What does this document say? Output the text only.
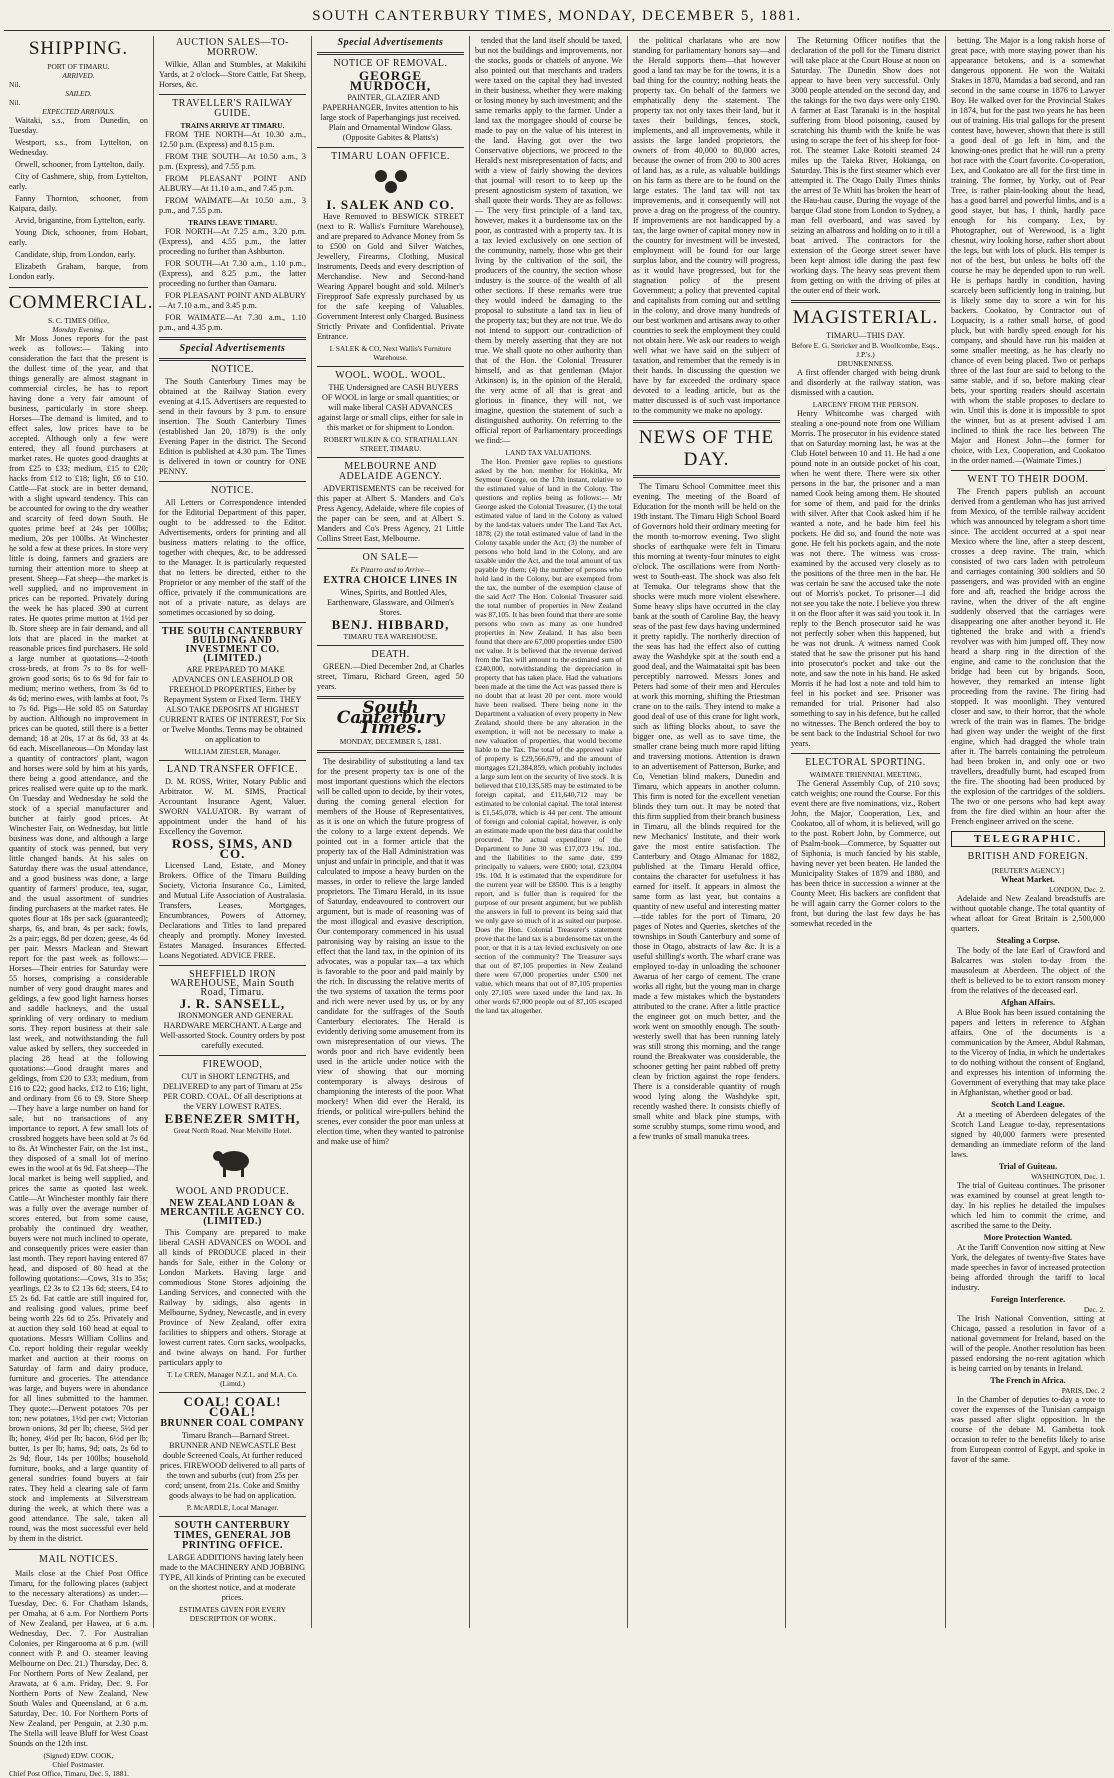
SOUTH CANTERBURY TIMES, MONDAY, DECEMBER 5, 1881.
SHIPPING.
PORT OF TIMARU.
ARRIVED.
Nil.
SAILED.
Nil.
EXPECTED ARRIVALS.

Waitaki, s.s., from Dunedin, on Tuesday.

Westport, s.s., from Lyttelton, on Wednesday.

Orwell, schooner, from Lyttelton, daily.

City of Cashmere, ship, from Lyttelton, early.

Fanny Thornton, schooner, from Kaipara, daily.

Arvid, brigantine, from Lyttelton, early.

Young Dick, schooner, from Hobart, early.

Candidate, ship, from London, early.

Elizabeth Graham, barque, from London early.

COMMERCIAL.
S. C. TIMES Office,
Monday Evening.

Mr Moss Jones reports for the past week as follows:— Taking into consideration the fact that the present is the dullest time of the year, and that things generally are almost stagnant in commercial circles, he has to report having done a very fair amount of business, particularly in store sheep. Horses—The demand is limited, and to effect sales, low prices have to be accepted. Although only a few were entered, they all found purchasers at market rates. He quotes good draughts at from £25 to £33; medium, £15 to £20; hacks from £12 to £18; light, £6 to £10. Cattle—Fat stock are in better demand, with a slight upward tendency. This can be accounted for owing to the dry weather and scarcity of feed down South. He quotes prime beef at 24s per 100lbs; medium, 20s per 100lbs. At Winchester he sold a few at these prices. In store very little is doing, farmers and graziers are turning their attention more to sheep at present. Sheep—Fat sheep—the market is well supplied, and no improvement in prices can be reported. Privately during the week he has placed 390 at current rates. He quotes prime mutton at 1½d per lb. Store sheep are in fair demand, and all lots that are placed in the market at reasonable prices find purchasers. He sold a large number at quotations—2-tooth cross-breds, at from 7s to 8s for well-grown good sorts; 6s to 6s 9d for fair to medium; merino wethers, from 3s 6d to 4s 6d; merino ewes, with lambs at foot, 7s to 7s 6d. Pigs—He sold 85 on Saturday by auction. Although no improvement in prices can be quoted, still there is a better demand; 18 at 20s, 17 at 8s 6d, 33 at 4s 6d each. Miscellaneous—On Monday last a quantity of contractors' plant, wagon and horses were sold by him at his yards, there being a good attendance, and the prices realised were quite up to the mark. On Tuesday and Wednesday he sold the stock of a special manufacturer and butcher at fairly good prices. At Winchester Fair, on Wednesday, but little business was done, and although a large quantity of stock was penned, but very little changed hands. At his sales on Saturday there was the usual attendance, and a good business was done, a large quantity of farmers' produce, tea, sugar, and the usual assortment of sundries finding purchasers at the market rates. He quotes flour at 18s per sack (guaranteed); sharps, 6s, and bran, 4s per sack; fowls, 2s a pair; eggs, 8d per dozen; geese, 4s 6d per pair. Messrs Maclean and Stewart report for the past week as follows:— Horses—Their entries for Saturday were 55 horses, comprising a considerable number of very good draught mares and geldings, a few good light harness horses and saddle hackneys, and the usual sprinkling of very ordinary to medium sorts. They report business at their sale last week, and notwithstanding the full value asked by sellers, they succeeded in placing 28 head at the following quotations:—Good draught mares and geldings, from £20 to £33; medium, from £16 to £22; good hacks, £12 to £16; light, and ordinary from £6 to £9. Store Sheep—They have a large number on hand for sale, but no transactions of any importance to report. A few small lots of crossbred hoggets have been sold at 7s 6d to 8s. At Winchester Fair, on the 1st inst., they disposed of a small lot of merino ewes in the wool at 6s 9d. Fat sheep—The local market is being well supplied, and prices the same as quoted last week. Cattle—At Winchester monthly fair there was a fully over the average number of scores entered, but from some cause, probably the continued dry weather, buyers were not much inclined to operate, and consequently prices were easier than last month. They report having entered 87 head, and disposed of 80 head at the following quotations:—Cows, 31s to 35s; yearlings, £2 3s to £2 13s 6d; steers, £4 to £5 2s 6d. Fat cattle are still inquired for, and realising good values, prime beef being worth 22s 6d to 25s. Privately and at auction they sold 160 head at equal to quotations. Messrs William Collins and Co. report holding their regular weekly market and auction at their rooms on Saturday of farm and dairy produce, furniture and groceries. The attendance was large, and buyers were in abundance for all lines submitted to the hammer. They quote:—Derwent potatoes 70s per ton; new potatoes, 1½d per cwt; Victorian brown onions, 3d per lb; cheese, 5½d per lb; honey, 4½d per lb; bacon, 6½d per lb; butter, 1s per lb; hams, 9d; oats, 2s 6d to 2s 9d; flour, 14s per 100lbs; household furniture, books, and a large quantity of general sundries found buyers at fair rates. They held a clearing sale of farm stock and implements at Silverstream during the week, at which there was a good attendance. The sale, taken all round, was the most successful ever held by them in the district.

MAIL NOTICES.

Mails close at the Chief Post Office Timaru, for the following places (subject to the necessary alterations) as under:— Tuesday, Dec. 6. For Chatham Islands, per Omaha, at 6 a.m. For Northern Ports of New Zealand, per Hawea, at 6 a.m. Wednesday, Dec. 7. For Australian Colonies, per Ringarooma at 6 p.m. (will connect with P. and O. steamer leaving Melbourne on Dec. 21.) Thursday, Dec. 8. For Northern Ports of New Zealand, per Arawata, at 6 a.m. Friday, Dec. 9. For Northern Ports of New Zealand, New South Wales and Queensland, at 6 a.m. Saturday, Dec. 10. For Northern Ports of New Zealand, per Penguin, at 2.30 p.m. The Stella will leave Bluff for West Coast Sounds on the 12th inst.

(Signed) EDW. COOK,
Chief Postmaster.
Chief Post Office, Timaru, Dec. 5, 1881.
AUCTION SALES—TO-MORROW.

Wilkie, Allan and Stumbles, at Makikihi Yards, at 2 o'clock—Store Cattle, Fat Sheep, Horses, &c.

TRAVELLER'S RAILWAY GUIDE.
TRAINS ARRIVE AT TIMARU.

FROM THE NORTH—At 10.30 a.m., 12.50 p.m. (Express) and 8.15 p.m.

FROM THE SOUTH—At 10.50 a.m., 3 p.m. (Express), and 7.55 p.m.

FROM PLEASANT POINT AND ALBURY—At 11.10 a.m., and 7.45 p.m.

FROM WAIMATE—At 10.50 a.m., 3 p.m., and 7.55 p.m.

TRAINS LEAVE TIMARU.

FOR NORTH—At 7.25 a.m., 3.20 p.m. (Express), and 4.55 p.m., the latter proceeding no further than Ashburton.

FOR SOUTH—At 7.30 a.m., 1.10 p.m., (Express), and 8.25 p.m., the latter proceeding no further than Oamaru.

FOR PLEASANT POINT AND ALBURY—At 7.10 a.m., and 3.45 p.m.

FOR WAIMATE—At 7.30 a.m., 1.10 p.m., and 4.35 p.m.

Special Advertisements
NOTICE.

The South Canterbury Times may be obtained at the Railway Station every evening at 4.15. Advertisers are requested to send in their favours by 3 p.m. to ensure insertion. The South Canterbury Times (established Jan 20, 1879) is the only Evening Paper in the district. The Second Edition is published at 4.30 p.m. The Times is delivered in town or country for ONE PENNY.

NOTICE.

All Letters or Correspondence intended for the Editorial Department of this paper, ought to be addressed to the Editor. Advertisements, orders for printing and all business matters relating to the office, together with cheques, &c, to be addressed to the Manager. It is particularly requested that no letters be directed, either to the Proprietor or any member of the staff of the office, privately if the communications are not of a private nature, as delays are sometimes occasioned by so doing.

THE SOUTH CANTERBURY BUILDING AND INVESTMENT CO. (LIMITED.)

ARE PREPARED TO MAKE ADVANCES ON LEASEHOLD OR FREEHOLD PROPERTIES, Either by Repayment System or Fixed Term. THEY ALSO TAKE DEPOSITS AT HIGHEST CURRENT RATES OF INTEREST, For Six or Twelve Months. Terms may be obtained on application to

WILLIAM ZIESLER, Manager.
LAND TRANSFER OFFICE.

D. M. ROSS, Writer, Notary Public and Arbitrator. W. M. SIMS, Practical Accountant Insurance Agent, Valuer. SWORN VALUATOR. By warrant of appointment under the hand of his Excellency the Governor.

ROSS, SIMS, AND CO.

Licensed Land, Estate, and Money Brokers. Office of the Timaru Building Society, Victoria Insurance Co., Limited, and Mutual Life Association of Australasia. Transfers, Leases, Mortgages, Encumbrances, Powers of Attorney, Declarations and Titles to land prepared cheaply and promptly. Money Invested. Estates Managed. Insurances Effected. Loans Negotiated. ADVICE FREE.

SHEFFIELD IRON WAREHOUSE, Main South Road, Timaru.
J. R. SANSELL,

IRONMONGER AND GENERAL HARDWARE MERCHANT. A Large and Well-assorted Stock. Country orders by post carefully executed.

FIREWOOD,

CUT in SHORT LENGTHS, and DELIVERED to any part of Timaru at 25s PER CORD. COAL. Of all descriptions at the VERY LOWEST RATES.

EBENEZER SMITH,
Great North Road. Near Melville Hotel.
WOOL AND PRODUCE.
NEW ZEALAND LOAN & MERCANTILE AGENCY CO. (LIMITED.)

This Company are prepared to make liberal CASH ADVANCES on WOOL and all kinds of PRODUCE placed in their hands for Sale, either in the Colony or London Markets. Having large and commodious Stone Stores adjoining the Landing Services, and connected with the Railway by sidings, also agents in Melbourne, Sydney, Newcastle, and in every Province of New Zealand, offer extra facilities to shippers and others. Storage at lowest current rates. Corn sacks, woolpacks, and twine always on hand. For further particulars apply to

T. Le CREN, Manager N.Z.L. and M.A. Co. (Limtd.)
COAL! COAL! COAL!
BRUNNER COAL COMPANY

Timaru Branch—Barnard Street. BRUNNER AND NEWCASTLE Best double Screened Coals, At further reduced prices. FIREWOOD delivered to all parts of the town and suburbs (cut) from 25s per cord; unsent, from 21s. Coke and Smithy goods always to be had on application.

P. McARDLE, Local Manager.
SOUTH CANTERBURY TIMES, GENERAL JOB PRINTING OFFICE.

LARGE ADDITIONS having lately been made to the MACHINERY AND JOBBING TYPE, All kinds of Printing can be executed on the shortest notice, and at moderate prices.

ESTIMATES GIVEN FOR EVERY DESCRIPTION OF WORK.
Special Advertisements
NOTICE OF REMOVAL.
GEORGE MURDOCH,

PAINTER, GLAZIER AND PAPERHANGER, Invites attention to his large stock of Paperhangings just received. Plain and Ornamental Window Glass. (Opposite Gabites & Platts's)

TIMARU LOAN OFFICE.
I. SALEK AND CO.

Have Removed to BESWICK STREET (next to R. Wallis's Furniture Warehouse), and are prepared to Advance Money from 5s to £500 on Gold and Silver Watches, Jewellery, Firearms, Clothing, Musical Instruments, Deeds and every description of Merchandise. New and Second-hand Wearing Apparel bought and sold. Milner's Firepproof Safe expressly purchased by us for the safe keeping of Valuables. Government Interest only Charged. Business Strictly Private and Confidential. Private Entrance.

I. SALEK & CO, Next Wallis's Furniture Warehouse.
WOOL. WOOL. WOOL.

THE Undersigned are CASH BUYERS OF WOOL in large or small quantities; or will make liberal CASH ADVANCES against large or small clips, either for sale in this market or for shipment to London.

ROBERT WILKIN & CO. STRATHALLAN STREET, TIMARU.
MELBOURNE AND ADELAIDE AGENCY.

ADVERTISEMENTS can be received for this paper at Albert S. Manders and Co's Press Agency, Adelaide, where file copies of the paper can be seen, and at Albert S. Manders and Co's Press Agency, 21 Little Collins Street East, Melbourne.

ON SALE—
Ex Pizarro and to Arrive—
EXTRA CHOICE LINES IN

Wines, Spirits, and Bottled Ales, Earthenware, Glassware, and Oilmen's Stores.

BENJ. HIBBARD,
TIMARU TEA WAREHOUSE.
DEATH.

GREEN.—Died December 2nd, at Charles street, Timaru, Richard Green, aged 50 years.

South Canterbury Times.
MONDAY, DECEMBER 5, 1881.

The desirability of substituting a land tax for the present property tax is one of the most important questions which the electors will be called upon to decide, by their votes, during the coming general election for members of the House of Representatives, as it is one on which the future progress of the colony to a large extent depends. We pointed out in a former article that the property tax of the Hall Administration was unjust and unfair in principle, and that it was calculated to impose a heavy burden on the masses, in order to relieve the large landed proprietors. The Timaru Herald, in its issue of Saturday, endeavoured to controvert our argument, but is made of reasoning was of the most illogical and evasive description. Our contemporary commenced in his usual patronising way by raising an issue to the effect that the land tax, in the opinion of its advocates, was a popular tax—a tax which is favorable to the poor and paid mainly by the rich. In discussing the relative merits of the two systems of taxation the terms poor and rich were never used by us, or by any candidate for the suffrages of the South Canterbury electorates. The Herald is evidently deriving some amusement from its own misrepresentation of our views. The words poor and rich have evidently been used in the article under notice with the view of showing that our morning contemporary is always desirous of championing the interests of the poor. What mockery! When did ever the Herald, its friends, or political wire-pullers behind the scenes, ever consider the poor man unless at election time, when they wanted to patronise and make use of him?

tended that the land itself should be taxed, but not the buildings and improvements, nor the stocks, goods or chattels of anyone. We also pointed out that merchants and traders were taxed on the capital they had invested in their business, whether they were making or losing money by such investment; and the same remarks apply to the farmer. Under a land tax the mortgagee should of course be made to pay on the value of his interest in the land. Having got over the two Conservative objections, we proceed to the Herald's next misrepresentation of facts; and with a view of fairly showing the devices that journal will resort to to keep up the present agnosticism system of taxation, we shall quote their words. They are as follows:— The very first principle of a land tax, however, makes it a burdensome tax on the poor, as contrasted with a property tax. It is a tax levied exclusively on one section of the community, namely, those who get their living by the cultivation of the soil, the producers of the country, the section whose industry is the source of the wealth of all other sections. If these remarks were true they would indeed be damaging to the proposal to substitute a land tax in lieu of the property tax; but they are not true. We do not intend to support our contradiction of them by merely asserting that they are not true. We shall quote no other authority than that of the Hon. the Colonial Treasurer himself, and as that gentleman (Major Atkinson) is, in the opinion of the Herald, the very acme of all that is great and glorious in finance, they will not, we imagine, question the statement of such a distinguished authority. On referring to the official report of Parliamentary proceedings we find:—

LAND TAX VALUATIONS.

The Hon. Premier gave replies to questions asked by the hon. member for Hokitika, Mr Seymour George, on the 17th instant, relative to the estimated value of land in the Colony. The questions and replies being as follows:— Mr George asked the Colonial Treasurer, (1) the total estimated value of land in the Colony as valued by the land-tax valuers under The Land Tax Act, 1878; (2) the total estimated value of land in the Colony taxable under the Act; (3) the number of persons who hold land in the Colony, and are taxable under the Act, and the total amount of tax payable by them; (4) the number of persons who hold land in the Colony, but are exempted from the tax, the number of the exemption clause of the said Act? The Hon. Colonial Treasurer said the total number of properties in New Zealand was 87,105. It has been found that there are some persons who own as many as one hundred properties in New Zealand. It has also been found that there are 67,000 properties under £500 net value. It is believed that the revenue derived from the Tax will amount to the estimated sum of £240,000, notwithstanding the depreciation in property that has taken place. Had the valuations been made at the time the Act was passed there is no doubt that at least 20 per cent. more would have been realised. There being none in the Department a valuation of every property in New Zealand, should there be any alteration in the exemption, it will not be necessary to make a new valuation of properties, that would become liable to the Tax. The total of the approved value of property is £29,566,679, and the amount of mortgages £21,384,859, which probably includes a large sum lent on the security of live stock. It is believed that £10,135,585 may be estimated to be foreign capital, and £11,640,712 may be estimated to be colonial capital. The total interest is £1,545,078, which is 44 per cent. The amount of foreign and colonial capital, however, is only an estimate made upon the best data that could be procured. The actual expenditure of the Department to June 30 was £17,073 19s. 10d., and the liabilities to the same date, £99 principally to valuers, were £600; total, £23,004 19s. 10d. It is estimated that the expenditure for the current year will be £8500. This is a lengthy report, and is fuller than is required for the purpose of our present argument, but we publish the answers in full to prevent its being said that we only gave so much of it as suited our purpose. Does the Hon. Colonial Treasurer's statement prove that the land tax is a burdensome tax on the poor, or that it is a tax levied exclusively on one section of the community? The Treasurer says that out of 87,105 properties in New Zealand there were 67,000 properties under £500 net value, which means that out of 87,105 properties only 27,105 were taxed under the land tax. In other words 67,000 people out of 87,105 escaped the land tax altogether.

the political charlatans who are now standing for parliamentary honors say—and the Herald supports them—that however good a land tax may be for the towns, it is a bad thing for the country; nothing beats the property tax. On behalf of the farmers we emphatically deny the statement. The property tax not only taxes their land, but it taxes their buildings, fences, stock, implements, and all improvements, while it assists the large landed proprietors, the owners of from 40,000 to 80,000 acres, because the owner of from 200 to 300 acres of land has, as a rule, as valuable buildings on his farm as there are to be found on the large estates. The land tax will not tax improvements, and it consequently will not prove a drag on the progress of the country. If improvements are not handicapped by a tax, the large owner of capital money now in the country for investment will be invested, employment will be found for our large surplus labor, and the country will progress, as it would have progressed, but for the stagnation policy of the present Government; a policy that prevented capital and capitalists from coming out and settling in the colony, and drove many hundreds of our best workmen and artisans away to other countries to seek the employment they could not obtain here. We ask our readers to weigh well what we have said on the subject of taxation, and remember that the remedy is in their hands. In discussing the question we have by far exceeded the ordinary space devoted to a leading article, but as the matter discussed is of such vast importance to the community we make no apology.

NEWS OF THE DAY.

The Timaru School Committee meet this evening. The meeting of the Board of Education for the month will be held on the 19th instant. The Timaru High School Board of Governors hold their ordinary meeting for the month to-morrow evening. Two slight shocks of earthquake were felt in Timaru this morning at twenty-four minutes to eight o'clock. The oscillations were from North-west to South-east. The shock was also felt at Temuka. Our telegrams show that the shocks were much more violent elsewhere. Some heavy slips have occurred in the clay bank at the south of Caroline Bay, the heavy seas of the past few days having undermined it pretty rapidly. The northerly direction of the seas has had the effect also of cutting away the Washdyke spit at the south end a good deal, and the Waimataitai spit has been perceptibly narrowed. Messrs Jones and Peters had some of their men and Hercules at work this morning, shifting the Priestman crane on to the rails. They intend to make a good deal of use of this crane for light work, such as lifting blocks about, to save the bigger one, as well as to save time, the smaller crane being much more rapid lifting and traversing motions. Attention is drawn to an advertisement of Patterson, Burke, and Co, Venetian blind makers, Dunedin and Timaru, which appears in another column. This firm is noted for the excellent venetian blinds they turn out. It may be noted that this firm supplied from their branch business in Timaru, all the blinds required for the new Mechanics' Institute, and their work gave the most entire satisfaction. The Canterbury and Otago Almanac for 1882, published at the Timaru Herald office, contains the character for usefulness it has earned for itself. It appears in almost the same form as last year, but contains a quantity of new useful and interesting matter—tide tables for the port of Timaru, 20 pages of Notes and Queries, sketches of the townships in South Canterbury and some of those in Otago, abstracts of law &c. It is a useful shilling's worth. The wharf crane was employed to-day in unloading the schooner Awarua of her cargo of cement. The crane works all right, but the young man in charge made a few mistakes which the bystanders attributed to the crane. After a little practice the engineer got on much better, and the work went on smoothly enough. The south-westerly swell that has been running lately was still strong this morning, and the range round the Breakwater was considerable, the schooner getting her paint rubbed off pretty clean by friction against the rope fenders. There is a considerable quantity of rough wood lying along the Washdyke spit, recently washed there. It consists chiefly of small white and black pine stumps, with some scrubby stumps, some rimu wood, and a few trunks of small manuka trees.

The Returning Officer notifies that the declaration of the poll for the Timaru district will take place at the Court House at noon on Saturday. The Dunedin Show does not appear to have been very successful. Only 3000 people attended on the second day, and the takings for the two days were only £190. A farmer at East Taranaki is in the hospital suffering from blood poisoning, caused by scratching his thumb with the knife he was using to scrape the feet of his sheep for foot-rot. The steamer Lake Rotoiti steamed 24 miles up the Taieka River, Hokianga, on Saturday. This is the first steamer which ever attempted it. The Otago Daily Times thinks the arrest of Te Whiti has broken the heart of the Hau-hau cause. During the voyage of the barque Glad stone from London to Sydney, a man fell overboard, and was saved by seizing an albatross and holding on to it till a boat arrived. The contractors for the extension of the George street sewer have been kept almost idle during the past few working days. The heavy seas prevent them from getting on with the driving of piles at the outer end of their work.

MAGISTERIAL.
TIMARU—THIS DAY.
Before E. G. Stericker and B. Woollcombe, Esqs., J.P.'s.)
DRUNKENNESS.

A first offender charged with being drunk and disorderly at the railway station, was dismissed with a caution.

LARCENY FROM THE PERSON.

Henry Whitcombe was charged with stealing a one-pound note from one William Morris. The prosecutor in his evidence stated that on Saturday morning last, he was at the Club Hotel between 10 and 11. He had a one pound note in an outside pocket of his coat, when he went there. There were six other persons in the bar, the prisoner and a man named Cook being among them. He shouted for some of them, and paid for the drinks with silver. After that Cook asked him if he wanted a note, and he bade him feel his pockets. He did so, and found the note was gone. He felt his pockets again, and the note was not there. The witness was cross-examined by the accused very closely as to the positions of the three men in the bar. He was certain he saw the accused take the note out of Morris's pocket. To prisoner—I did not see you take the note. I believe you threw it on the floor after it was said you took it. In reply to the Bench prosecutor said he was not perfectly sober when this happened, but he was not drunk. A witness named Cook stated that he saw the prisoner put his hand into prosecutor's pocket and take out the note, and saw the note in his hand. He asked Morris if he had lost a note and told him to feel in his pocket and see. Prisoner was remanded for trial. Prisoner had also something to say in his defence, but he called no witnesses. The Bench ordered the boy to be sent back to the Industrial School for two years.

ELECTORAL SPORTING.
WAIMATE TRIENNIAL MEETING.

The General Assembly Cup, of 210 sovs; catch weights; one round the Course. For this event there are five nominations, viz., Robert John, the Major, Cooperation, Lex, and Cookatoo, all of whom, it is believed, will go to the post. Robert John, by Commerce, out of Psalm-book—Commerce, by Squatter out of Siphonia, is much fancied by his stable, having never yet been beaten. He landed the Municipality Stakes of 1879 and 1880, and has been thrice in succession a winner at the County Meet. His backers are confident that he will again carry the Gorner colors to the front, but during the last few days he has somewhat receded in the

betting. The Major is a long rakish horse of great pace, with more staying power than his appearance betokens, and is a somewhat dangerous opponent. He won the Waitaki Stakes in 1870, Mamdas a bad second, and ran second in the same course in 1876 to Lawyer Boy. He walked over for the Provincial Stakes in 1874, but for the past two years he has been out of training. His trial gallops for the present contest have, however, shown that there is still a good deal of go left in him, and the knowing-ones predict that he will run a pretty hot race with the Court favorite. Co-operation, Lex, and Cookatoo are all for the first time in training. The former, by Yorky, out of Pear Tree, is rather plain-looking about the head, has a good barrel and powerful limbs, and is a good stayer, but has, I think, hardly pace enough for his company. Lex, by Photographer, out of Werewood, is a light chesnut, wiry looking horse, rather short about the legs, but with lots of pluck. His temper is not of the best, but unless he bolts off the course he may be depended upon to run well. He is perhaps hardly in condition, having scarcely been sufficiently long in training, but is likely some day to score a win for his backers. Cookatoo, by Contractor out of Loquacity, is a rather small horse, of good pluck, but with hardly speed enough for his company, and should have run his maiden at some smaller meeting, as he has clearly no chance of even being placed. Two or perhaps three of the last four are said to belong to the same stable, and if so, before making clear bets, your sporting readers should ascertain with whom the stable proposes to declare to win. Until this is done it is impossible to spot the winner, but as at present advised I am inclined to think the race lies between The Major and Honest John—the former for choice, with Lex, Cooperation, and Cookatoo in the order named.—(Waimate Times.)

WENT TO THEIR DOOM.

The French papers publish an account derived from a gentleman who has just arrived from Mexico, of the terrible railway accident which was announced by telegram a short time since. The accident occurred at a spot near Mexico where the line, after a steep descent, crosses a deep ravine. The train, which consisted of two cars laden with petroleum and carriages containing 300 soldiers and 50 passengers, and was provided with an engine fore and aft, reached the bridge across the ravine, when the driver of the aft engine suddenly observed that the carriages were disappearing one after another beyond it. He tightened the brake and with a friend's revolver was with him jumped off. They now heard a sharp ring in the direction of the engine, and came to the conclusion that the bridge had been cut by brigands. Soon, however, they remarked an intense light proceeding from the ravine. The firing had stopped. It was moonlight. They ventured closer and saw, to their horror, that the whole wreck of the train was in flames. The bridge had given way under the weight of the first engine, which had dragged the whole train after it. The barrels containing the petroleum had been broken in, and only one or two travellers, dreadfully burnt, had escaped from the fire. The shooting had been produced by the explosion of the cartridges of the soldiers. The two or one persons who had kept away from the fire died within an hour after the French engineer arrived on the scene.

TELEGRAPHIC.
BRITISH AND FOREIGN.
[REUTER'S AGENCY.]
Wheat Market.
LONDON, Dec. 2.

Adelaide and New Zealand breadstuffs are without quotable change. The total quantity of wheat afloat for Great Britain is 2,500,000 quarters.

Stealing a Corpse.

The body of the late Earl of Crawford and Balcarres was stolen to-day from the mausoleum at Aberdeen. The object of the theft is believed to be to extort ransom money from the relatives of the deceased earl.

Afghan Affairs.

A Blue Book has been issued containing the papers and letters in reference to Afghan affairs. One of the documents is a communication by the Ameer, Abdul Rahman, to the Viceroy of India, in which he undertakes to do nothing without the consent of England, and expresses his intention of informing the Government of everything that may take place in Afghanistan, whether good or bad.

Scotch Land League.

At a meeting of Aberdeen delegates of the Scotch Land League to-day, representations signed by 40,000 farmers were presented demanding an immediate reform of the land laws.

Trial of Guiteau.
WASHINGTON, Dec. 1.

The trial of Guiteau continues. The prisoner was examined by counsel at great length to-day. In his replies he detailed the impulses which led him to commit the crime, and ascribed the same to the Deity.

More Protection Wanted.

At the Tariff Convention now sitting at New York, the delegates of twenty-five States have made speeches in favor of increased protection being afforded through the tariff to local industry.

Foreign Interference.
Dec. 2.

The Irish National Convention, sitting at Chicago, passed a resolution in favor of a national government for Ireland, based on the will of the people. Another resolution has been passed endorsing the no-rent agitation which is being carried on by tenants in Ireland.

The French in Africa.
PARIS, Dec. 2

In the Chamber of deputies to-day a vote to cover the expenses of the Tunisian campaign was passed after slight opposition. In the course of the debate M. Gambetta took occasion to refer to the benefits likely to arise from European control of Egypt, and spoke in favor of the same.
